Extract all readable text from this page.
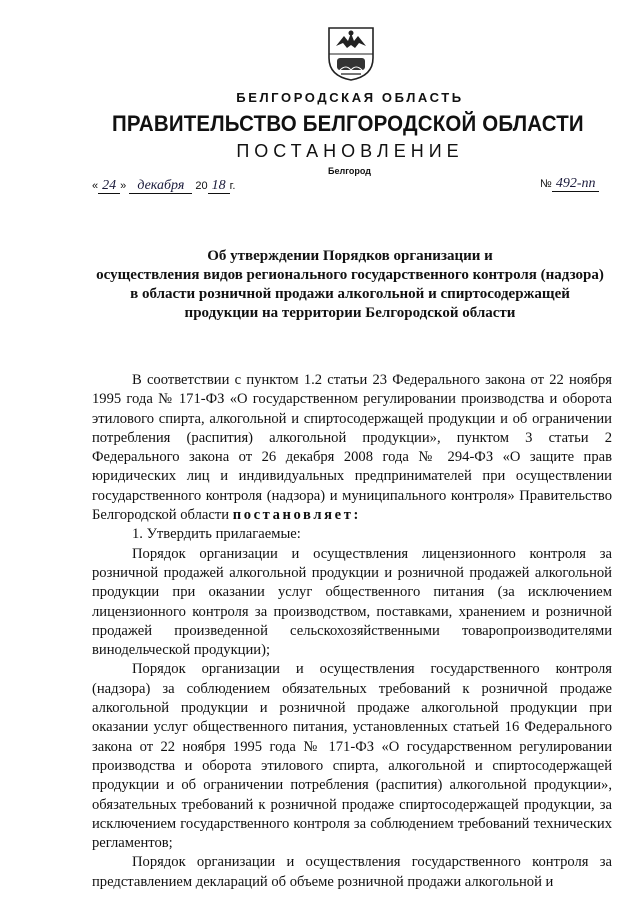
БЕЛГОРОДСКАЯ ОБЛАСТЬ
ПРАВИТЕЛЬСТВО БЕЛГОРОДСКОЙ ОБЛАСТИ
ПОСТАНОВЛЕНИЕ
Белгород
« 24 » декабря 20 18 г.	№ 492-пп
Об утверждении Порядков организации и
осуществления видов регионального государственного контроля (надзора)
в области розничной продажи алкогольной и спиртосодержащей
продукции на территории Белгородской области

В соответствии с пунктом 1.2 статьи 23 Федерального закона от 22 ноября 1995 года № 171-ФЗ «О государственном регулировании производства и оборота этилового спирта, алкогольной и спиртосодержащей продукции и об ограничении потребления (распития) алкогольной продукции», пунктом 3 статьи 2 Федерального закона от 26 декабря 2008 года № 294-ФЗ «О защите прав юридических лиц и индивидуальных предпринимателей при осуществлении государственного контроля (надзора) и муниципального контроля» Правительство Белгородской области постановляет:

1. Утвердить прилагаемые:

Порядок организации и осуществления лицензионного контроля за розничной продажей алкогольной продукции и розничной продажей алкогольной продукции при оказании услуг общественного питания (за исключением лицензионного контроля за производством, поставками, хранением и розничной продажей произведенной сельскохозяйственными товаропроизводителями винодельческой продукции);

Порядок организации и осуществления государственного контроля (надзора) за соблюдением обязательных требований к розничной продаже алкогольной продукции и розничной продаже алкогольной продукции при оказании услуг общественного питания, установленных статьей 16 Федерального закона от 22 ноября 1995 года № 171-ФЗ «О государственном регулировании производства и оборота этилового спирта, алкогольной и спиртосодержащей продукции и об ограничении потребления (распития) алкогольной продукции», обязательных требований к розничной продаже спиртосодержащей продукции, за исключением государственного контроля за соблюдением требований технических регламентов;

Порядок организации и осуществления государственного контроля за представлением деклараций об объеме розничной продажи алкогольной и
